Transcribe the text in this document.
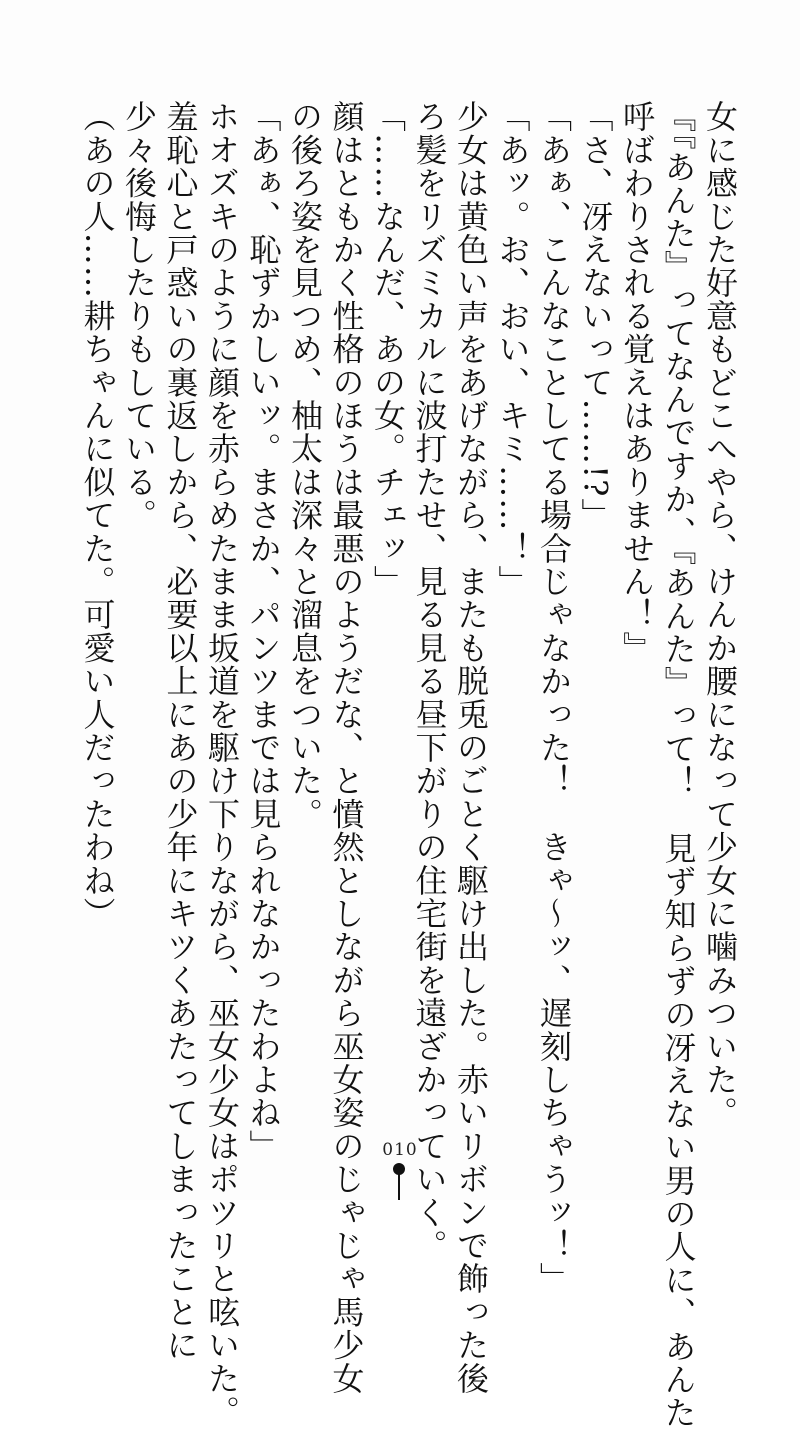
女に感じた好意もどこへやら、けんか腰になって少女に噛みついた。
『『あんた』ってなんですか、『あんた』って！　見ず知らずの冴えない男の人に、あんた
呼ばわりされる覚えはありません！』
「さ、冴えないって……!?」
「あぁ、こんなことしてる場合じゃなかった！　きゃ～ッ、遅刻しちゃうッ！」
「あッ。お、おい、キミ……！」
少女は黄色い声をあげながら、またも脱兎のごとく駆け出した。赤いリボンで飾った後
ろ髪をリズミカルに波打たせ、見る見る昼下がりの住宅街を遠ざかっていく。
「……なんだ、あの女。チェッ」
顔はともかく性格のほうは最悪のようだな、と憤然としながら巫女姿のじゃじゃ馬少女
の後ろ姿を見つめ、柚太は深々と溜息をついた。
「あぁ、恥ずかしいッ。まさか、パンツまでは見られなかったわよね」
ホオズキのように顔を赤らめたまま坂道を駆け下りながら、巫女少女はポツリと呟いた。
羞恥心と戸惑いの裏返しから、必要以上にあの少年にキツくあたってしまったことに
少々後悔したりもしている。
（あの人……耕ちゃんに似てた。可愛い人だったわね）
010
